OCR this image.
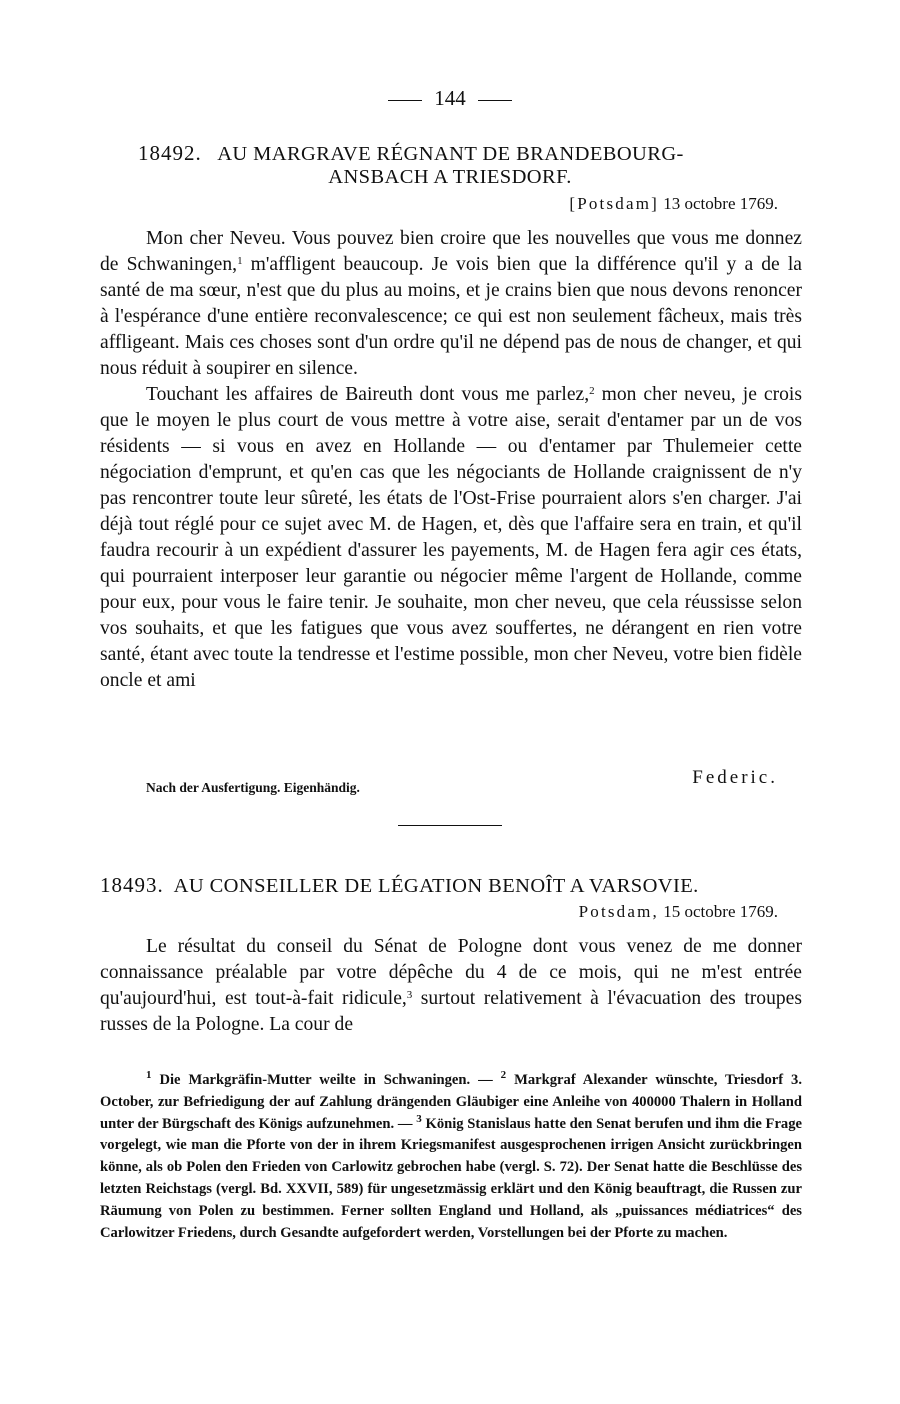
144
18492. AU MARGRAVE RÉGNANT DE BRANDEBOURG-
ANSBACH A TRIESDORF.
[Potsdam] 13 octobre 1769.

Mon cher Neveu. Vous pouvez bien croire que les nouvelles que vous me donnez de Schwaningen,$^1$ m'affligent beaucoup. Je vois bien que la différence qu'il y a de la santé de ma sœur, n'est que du plus au moins, et je crains bien que nous devons renoncer à l'espérance d'une entière reconvalescence; ce qui est non seulement fâcheux, mais très affligeant. Mais ces choses sont d'un ordre qu'il ne dépend pas de nous de changer, et qui nous réduit à soupirer en silence.

Touchant les affaires de Baireuth dont vous me parlez,$^2$ mon cher neveu, je crois que le moyen le plus court de vous mettre à votre aise, serait d'entamer par un de vos résidents — si vous en avez en Hollande — ou d'entamer par Thulemeier cette négociation d'emprunt, et qu'en cas que les négociants de Hollande craignissent de n'y pas rencontrer toute leur sûreté, les états de l'Ost-Frise pourraient alors s'en charger. J'ai déjà tout réglé pour ce sujet avec M. de Hagen, et, dès que l'affaire sera en train, et qu'il faudra recourir à un expédient d'assurer les payements, M. de Hagen fera agir ces états, qui pourraient interposer leur garantie ou négocier même l'argent de Hollande, comme pour eux, pour vous le faire tenir. Je souhaite, mon cher neveu, que cela réussisse selon vos souhaits, et que les fatigues que vous avez souffertes, ne dérangent en rien votre santé, étant avec toute la tendresse et l'estime possible, mon cher Neveu, votre bien fidèle oncle et ami

Federic.
Nach der Ausfertigung. Eigenhändig.
18493. AU CONSEILLER DE LÉGATION BENOÎT A VARSOVIE.
Potsdam, 15 octobre 1769.

Le résultat du conseil du Sénat de Pologne dont vous venez de me donner connaissance préalable par votre dépêche du 4 de ce mois, qui ne m'est entrée qu'aujourd'hui, est tout-à-fait ridicule,$^3$ surtout relativement à l'évacuation des troupes russes de la Pologne. La cour de

$^1$ Die Markgräfin-Mutter weilte in Schwaningen. — $^2$ Markgraf Alexander wünschte, Triesdorf 3. October, zur Befriedigung der auf Zahlung drängenden Gläubiger eine Anleihe von 400000 Thalern in Holland unter der Bürgschaft des Königs aufzunehmen. — $^3$ König Stanislaus hatte den Senat berufen und ihm die Frage vorgelegt, wie man die Pforte von der in ihrem Kriegsmanifest ausgesprochenen irrigen Ansicht zurückbringen könne, als ob Polen den Frieden von Carlowitz gebrochen habe (vergl. S. 72). Der Senat hatte die Beschlüsse des letzten Reichstags (vergl. Bd. XXVII, 589) für ungesetzmässig erklärt und den König beauftragt, die Russen zur Räumung von Polen zu bestimmen. Ferner sollten England und Holland, als „puissances médiatrices“ des Carlowitzer Friedens, durch Gesandte aufgefordert werden, Vorstellungen bei der Pforte zu machen.
